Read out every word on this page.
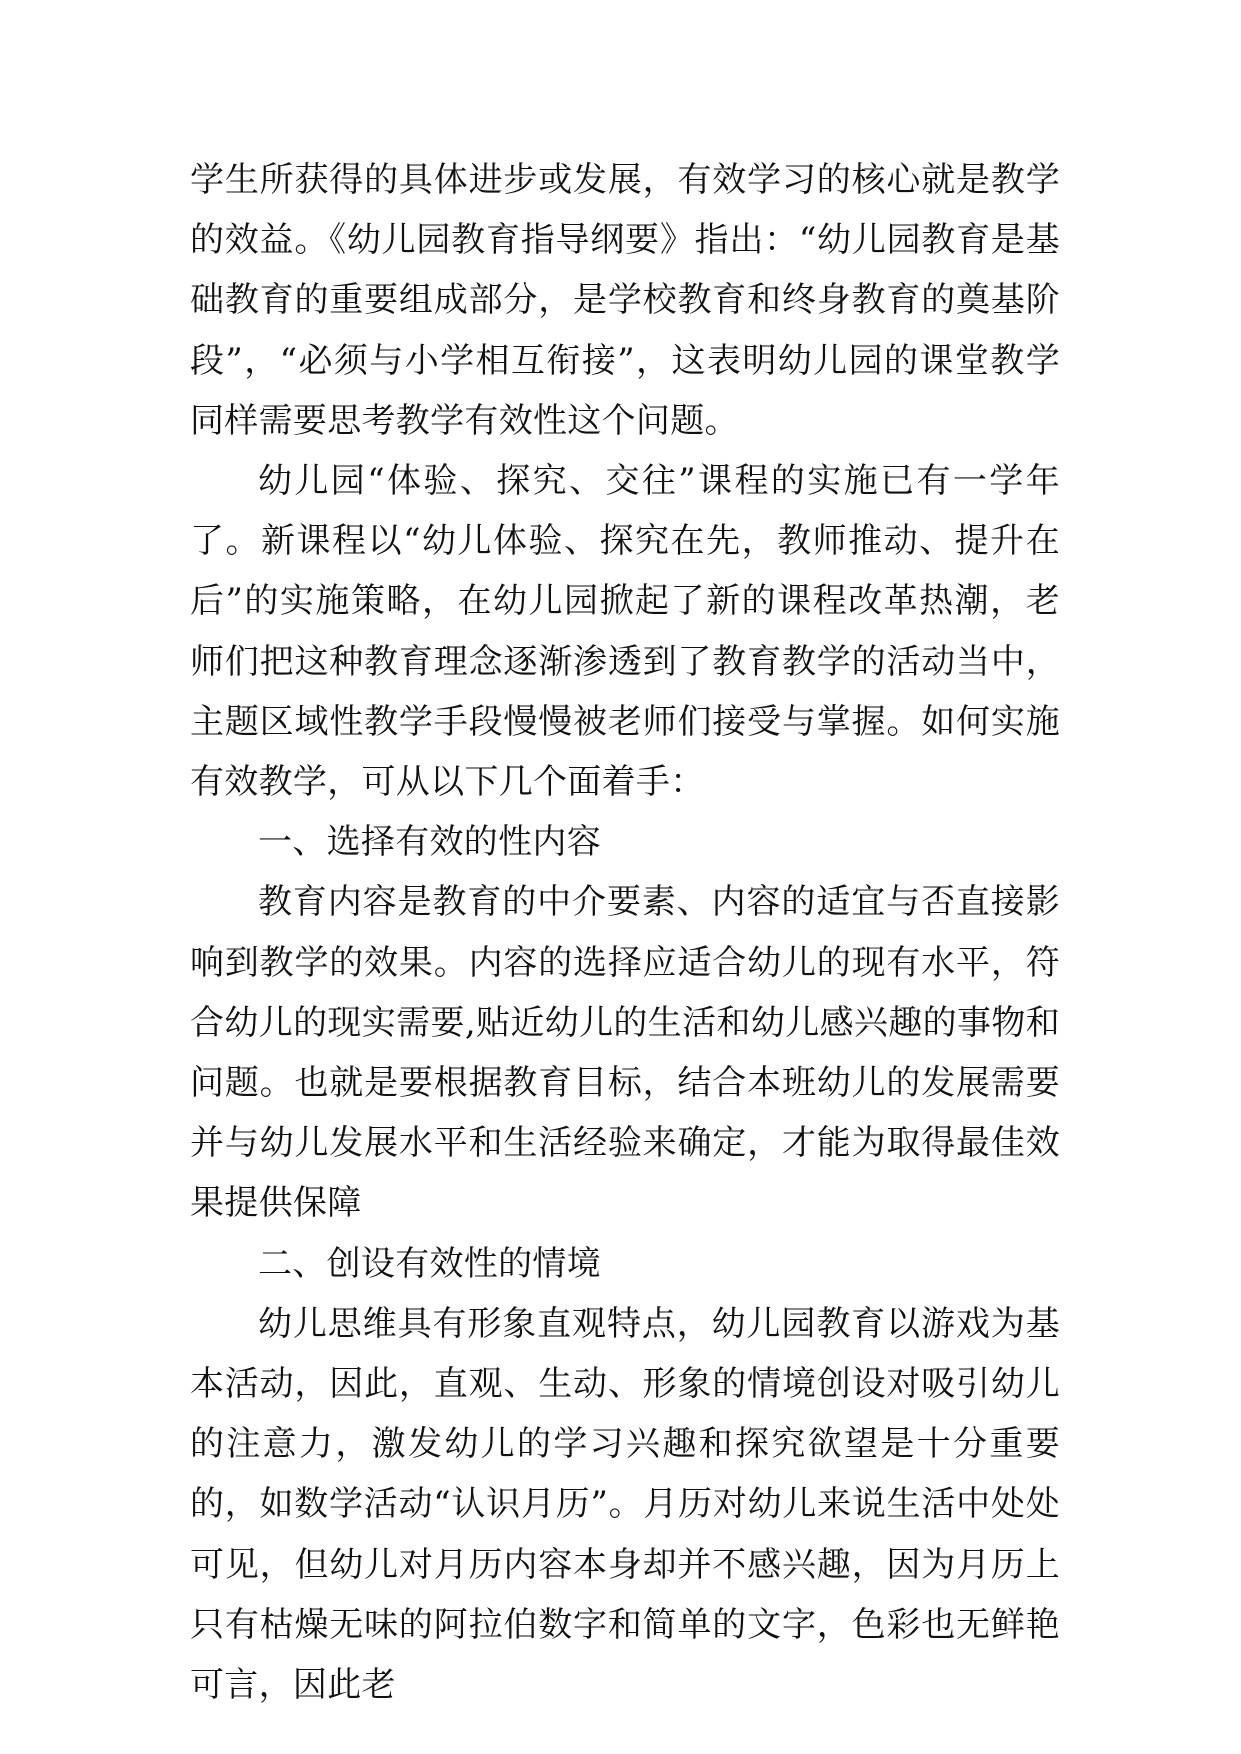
学生所获得的具体进步或发展，有效学习的核心就是教学的效益。《幼儿园教育指导纲要》指出：“幼儿园教育是基础教育的重要组成部分，是学校教育和终身教育的奠基阶段”，“必须与小学相互衔接”，这表明幼儿园的课堂教学同样需要思考教学有效性这个问题。

幼儿园“体验、探究、交往”课程的实施已有一学年了。新课程以“幼儿体验、探究在先，教师推动、提升在后”的实施策略，在幼儿园掀起了新的课程改革热潮，老师们把这种教育理念逐渐渗透到了教育教学的活动当中，主题区域性教学手段慢慢被老师们接受与掌握。如何实施有效教学，可从以下几个面着手：

一、选择有效的性内容

教育内容是教育的中介要素、内容的适宜与否直接影响到教学的效果。内容的选择应适合幼儿的现有水平，符合幼儿的现实需要,贴近幼儿的生活和幼儿感兴趣的事物和问题。也就是要根据教育目标，结合本班幼儿的发展需要并与幼儿发展水平和生活经验来确定，才能为取得最佳效果提供保障

二、创设有效性的情境

幼儿思维具有形象直观特点，幼儿园教育以游戏为基本活动，因此，直观、生动、形象的情境创设对吸引幼儿的注意力，激发幼儿的学习兴趣和探究欲望是十分重要的，如数学活动“认识月历”。月历对幼儿来说生活中处处可见，但幼儿对月历内容本身却并不感兴趣，因为月历上只有枯燥无味的阿拉伯数字和简单的文字，色彩也无鲜艳可言，因此老
